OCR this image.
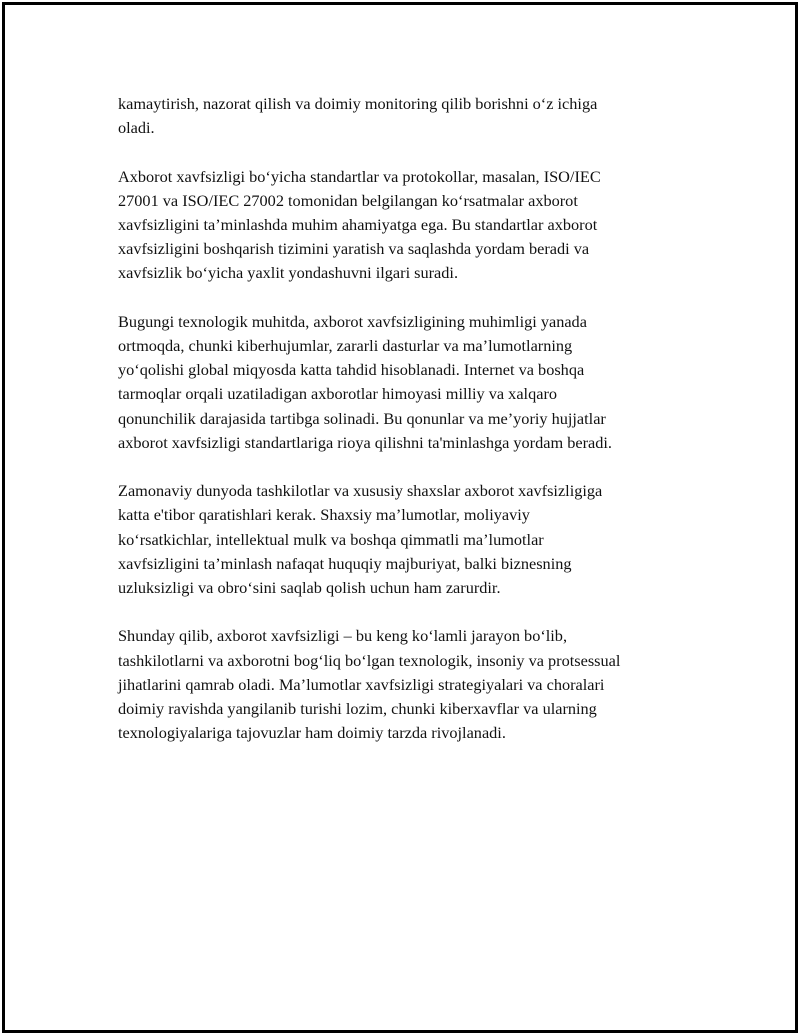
kamaytirish, nazorat qilish va doimiy monitoring qilib borishni o‘z ichiga
oladi.

Axborot xavfsizligi bo‘yicha standartlar va protokollar, masalan, ISO/IEC
27001 va ISO/IEC 27002 tomonidan belgilangan ko‘rsatmalar axborot
xavfsizligini ta’minlashda muhim ahamiyatga ega. Bu standartlar axborot
xavfsizligini boshqarish tizimini yaratish va saqlashda yordam beradi va
xavfsizlik bo‘yicha yaxlit yondashuvni ilgari suradi.

Bugungi texnologik muhitda, axborot xavfsizligining muhimligi yanada
ortmoqda, chunki kiberhujumlar, zararli dasturlar va ma’lumotlarning
yo‘qolishi global miqyosda katta tahdid hisoblanadi. Internet va boshqa
tarmoqlar orqali uzatiladigan axborotlar himoyasi milliy va xalqaro
qonunchilik darajasida tartibga solinadi. Bu qonunlar va me’yoriy hujjatlar
axborot xavfsizligi standartlariga rioya qilishni ta'minlashga yordam beradi.

Zamonaviy dunyoda tashkilotlar va xususiy shaxslar axborot xavfsizligiga
katta e'tibor qaratishlari kerak. Shaxsiy ma’lumotlar, moliyaviy
ko‘rsatkichlar, intellektual mulk va boshqa qimmatli ma’lumotlar
xavfsizligini ta’minlash nafaqat huquqiy majburiyat, balki biznesning
uzluksizligi va obro‘sini saqlab qolish uchun ham zarurdir.

Shunday qilib, axborot xavfsizligi – bu keng ko‘lamli jarayon bo‘lib,
tashkilotlarni va axborotni bog‘liq bo‘lgan texnologik, insoniy va protsessual
jihatlarini qamrab oladi. Ma’lumotlar xavfsizligi strategiyalari va choralari
doimiy ravishda yangilanib turishi lozim, chunki kiberxavflar va ularning
texnologiyalariga tajovuzlar ham doimiy tarzda rivojlanadi.
